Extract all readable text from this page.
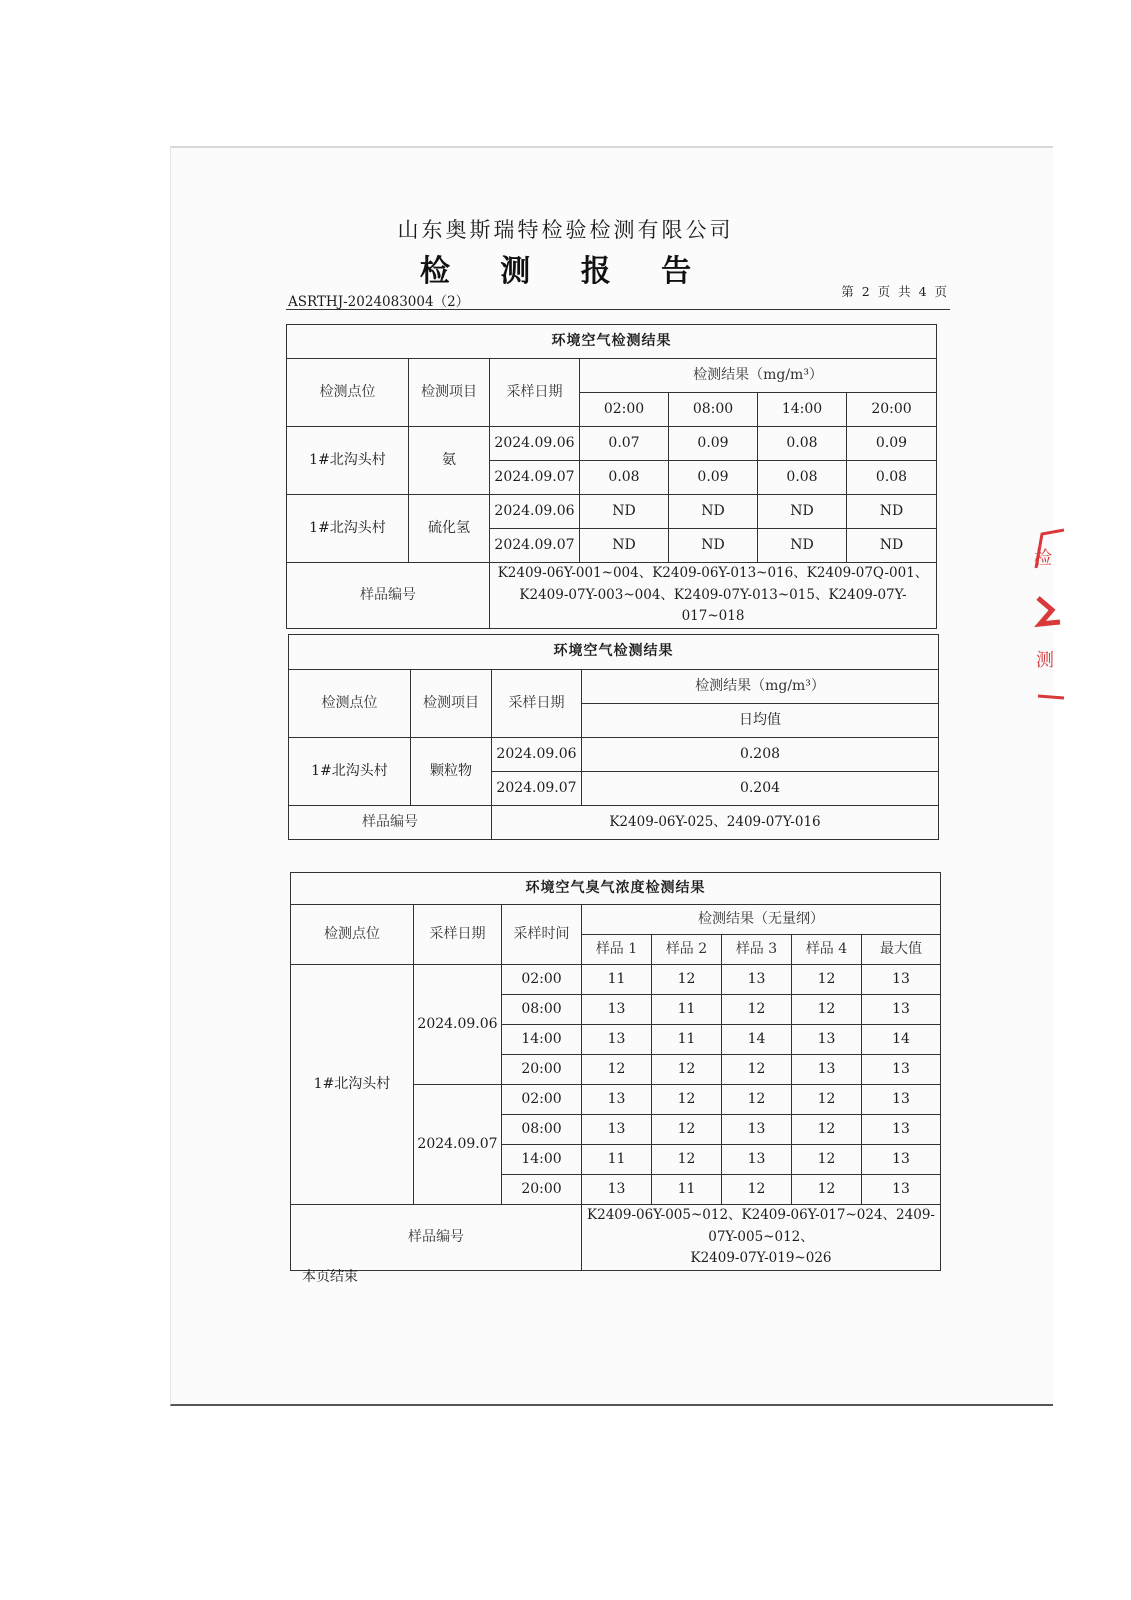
山东奥斯瑞特检验检测有限公司
检 测 报 告
ASRTHJ-2024083004（2）
第 2 页 共 4 页
环境空气检测结果						
检测点位	检测项目	采样日期	检测结果（mg/m³）			
			02:00	08:00	14:00	20:00
1#北沟头村	氨	2024.09.06	0.07	0.09	0.08	0.09
		2024.09.07	0.08	0.09	0.08	0.08
1#北沟头村	硫化氢	2024.09.06	ND	ND	ND	ND
		2024.09.07	ND	ND	ND	ND
样品编号		K2409-06Y-001~004、K2409-06Y-013~016、K2409-07Q-001、
K2409-07Y-003~004、K2409-07Y-013~015、K2409-07Y-017~018				
环境空气检测结果			
检测点位	检测项目	采样日期	检测结果（mg/m³）
			日均值
1#北沟头村	颗粒物	2024.09.06	0.208
		2024.09.07	0.204
样品编号		K2409-06Y-025、2409-07Y-016	
环境空气臭气浓度检测结果							
检测点位	采样日期	采样时间	检测结果（无量纲）				
			样品 1	样品 2	样品 3	样品 4	最大值
1#北沟头村	2024.09.06	02:00	11	12	13	12	13
		08:00	13	11	12	12	13
		14:00	13	11	14	13	14
		20:00	12	12	12	13	13
	2024.09.07	02:00	13	12	12	12	13
		08:00	13	12	13	12	13
		14:00	11	12	13	12	13
		20:00	13	11	12	12	13
样品编号			K2409-06Y-005~012、K2409-06Y-017~024、2409-07Y-005~012、
K2409-07Y-019~026				
本页结束
检
测
